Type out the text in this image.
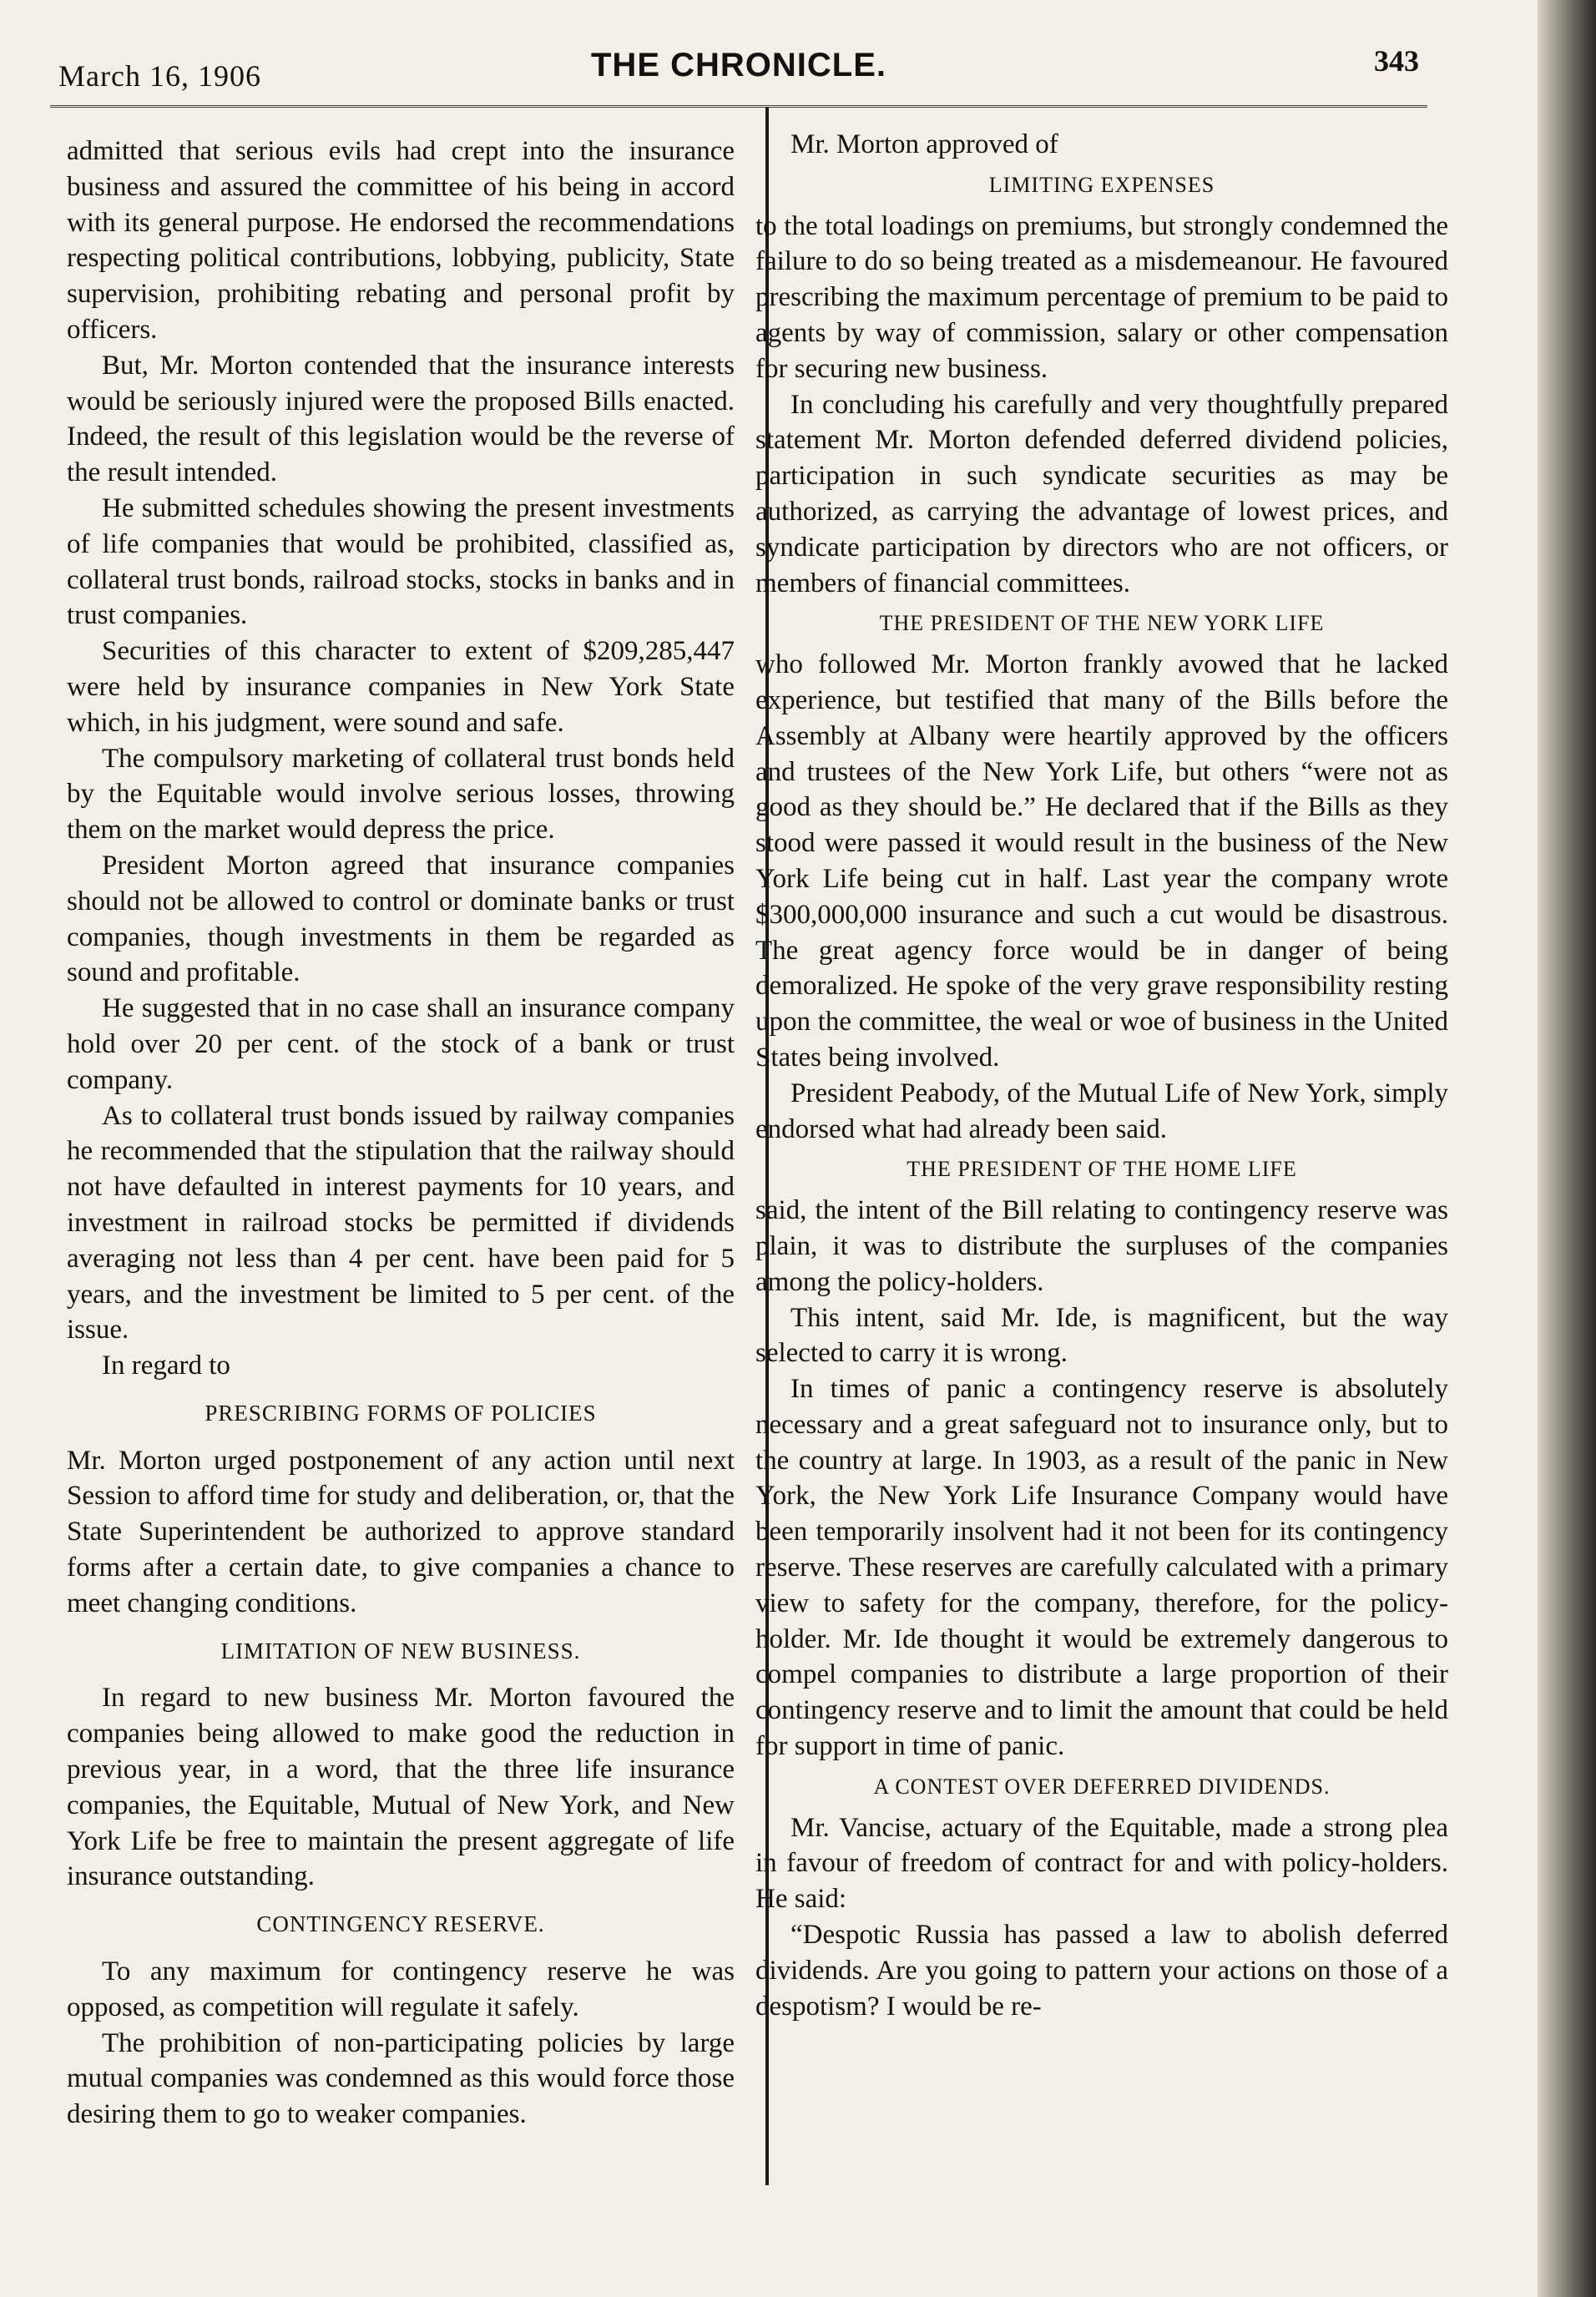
March 16, 1906	THE CHRONICLE.	343

admitted that serious evils had crept into the insurance business and assured the committee of his being in accord with its general purpose. He endorsed the recommendations respecting political contributions, lobbying, publicity, State supervision, prohibiting rebating and personal profit by officers.

But, Mr. Morton contended that the insurance interests would be seriously injured were the proposed Bills enacted. Indeed, the result of this legislation would be the reverse of the result intended.

He submitted schedules showing the present investments of life companies that would be prohibited, classified as, collateral trust bonds, railroad stocks, stocks in banks and in trust companies.

Securities of this character to extent of $209,285,447 were held by insurance companies in New York State which, in his judgment, were sound and safe.

The compulsory marketing of collateral trust bonds held by the Equitable would involve serious losses, throwing them on the market would depress the price.

President Morton agreed that insurance companies should not be allowed to control or dominate banks or trust companies, though investments in them be regarded as sound and profitable.

He suggested that in no case shall an insurance company hold over 20 per cent. of the stock of a bank or trust company.

As to collateral trust bonds issued by railway companies he recommended that the stipulation that the railway should not have defaulted in interest payments for 10 years, and investment in railroad stocks be permitted if dividends averaging not less than 4 per cent. have been paid for 5 years, and the investment be limited to 5 per cent. of the issue.

In regard to

PRESCRIBING FORMS OF POLICIES

Mr. Morton urged postponement of any action until next Session to afford time for study and deliberation, or, that the State Superintendent be authorized to approve standard forms after a certain date, to give companies a chance to meet changing conditions.

LIMITATION OF NEW BUSINESS.

In regard to new business Mr. Morton favoured the companies being allowed to make good the reduction in previous year, in a word, that the three life insurance companies, the Equitable, Mutual of New York, and New York Life be free to maintain the present aggregate of life insurance outstanding.

CONTINGENCY RESERVE.

To any maximum for contingency reserve he was opposed, as competition will regulate it safely.

The prohibition of non-participating policies by large mutual companies was condemned as this would force those desiring them to go to weaker companies.

Mr. Morton approved of

LIMITING EXPENSES

to the total loadings on premiums, but strongly condemned the failure to do so being treated as a misdemeanour. He favoured prescribing the maximum percentage of premium to be paid to agents by way of commission, salary or other compensation for securing new business.

In concluding his carefully and very thoughtfully prepared statement Mr. Morton defended deferred dividend policies, participation in such syndicate securities as may be authorized, as carrying the advantage of lowest prices, and syndicate participation by directors who are not officers, or members of financial committees.

THE PRESIDENT OF THE NEW YORK LIFE

who followed Mr. Morton frankly avowed that he lacked experience, but testified that many of the Bills before the Assembly at Albany were heartily approved by the officers and trustees of the New York Life, but others “were not as good as they should be.” He declared that if the Bills as they stood were passed it would result in the business of the New York Life being cut in half. Last year the company wrote $300,000,000 insurance and such a cut would be disastrous. The great agency force would be in danger of being demoralized. He spoke of the very grave responsibility resting upon the committee, the weal or woe of business in the United States being involved.

President Peabody, of the Mutual Life of New York, simply endorsed what had already been said.

THE PRESIDENT OF THE HOME LIFE

said, the intent of the Bill relating to contingency reserve was plain, it was to distribute the surpluses of the companies among the policy-holders.

This intent, said Mr. Ide, is magnificent, but the way selected to carry it is wrong.

In times of panic a contingency reserve is absolutely necessary and a great safeguard not to insurance only, but to the country at large. In 1903, as a result of the panic in New York, the New York Life Insurance Company would have been temporarily insolvent had it not been for its contingency reserve. These reserves are carefully calculated with a primary view to safety for the company, therefore, for the policy-holder. Mr. Ide thought it would be extremely dangerous to compel companies to distribute a large proportion of their contingency reserve and to limit the amount that could be held for support in time of panic.

A CONTEST OVER DEFERRED DIVIDENDS.

Mr. Vancise, actuary of the Equitable, made a strong plea in favour of freedom of contract for and with policy-holders. He said:

“Despotic Russia has passed a law to abolish deferred dividends. Are you going to pattern your actions on those of a despotism? I would be re-
